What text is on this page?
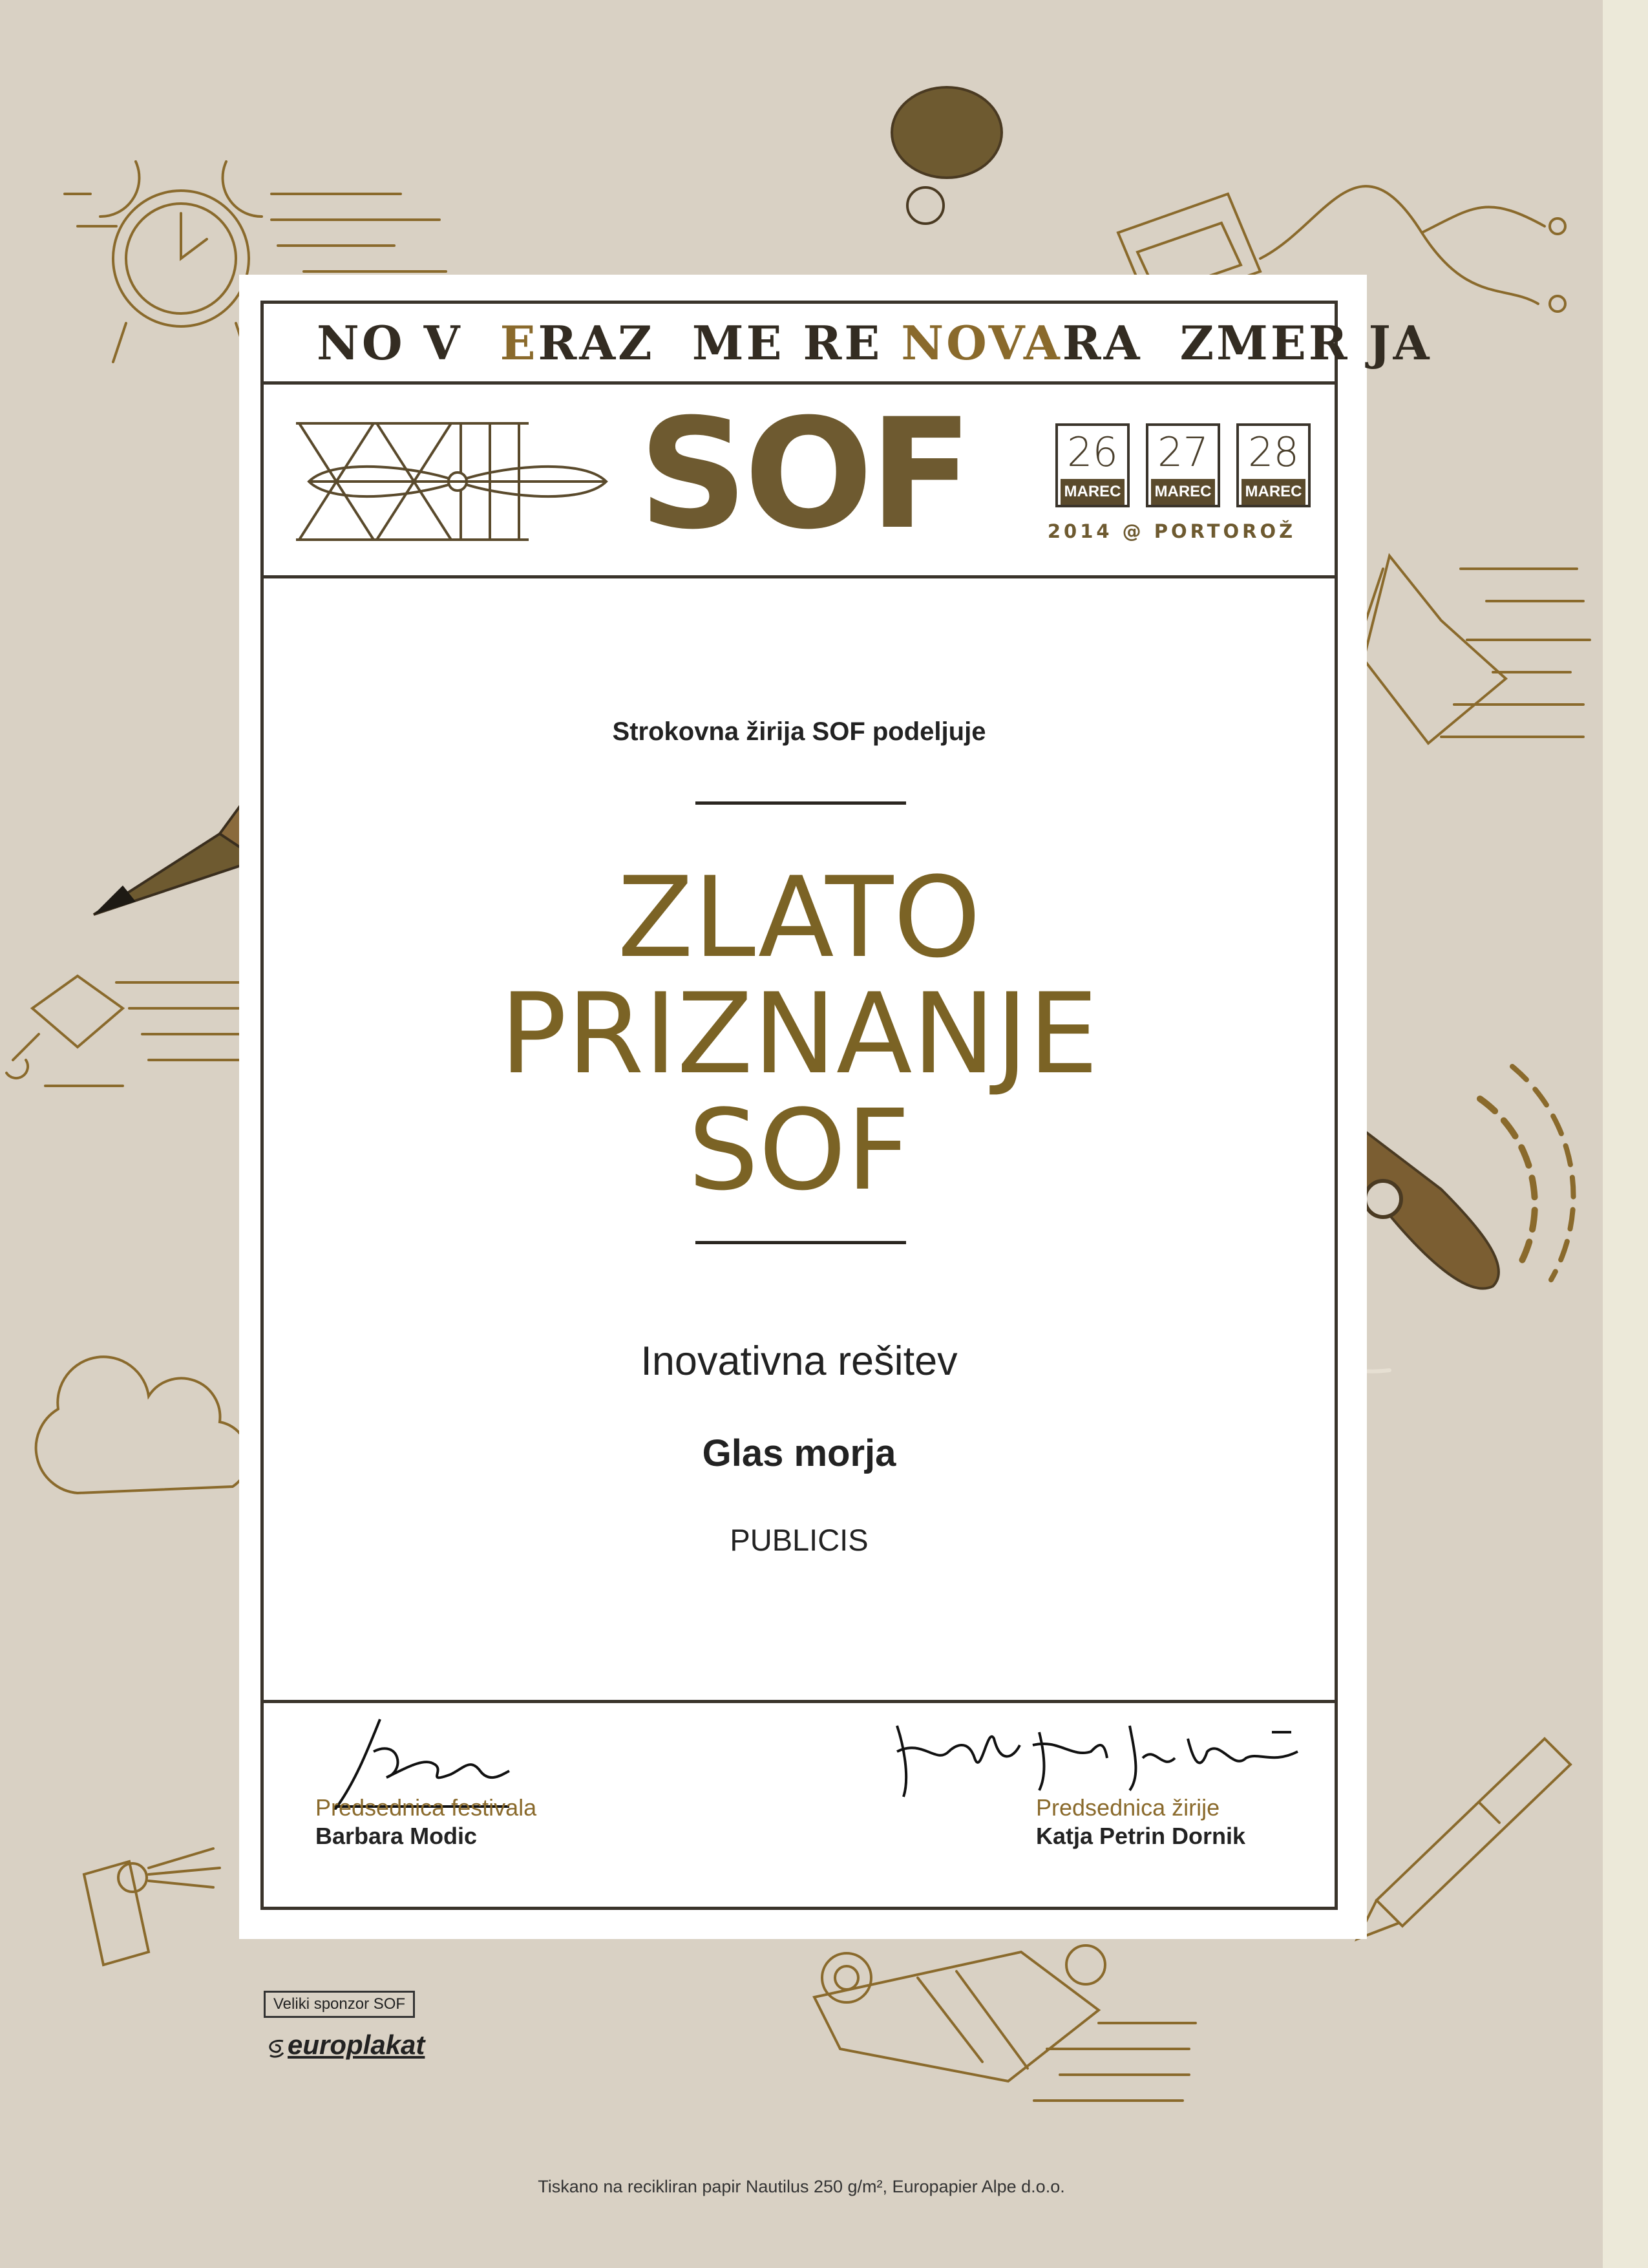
NO V  ERAZ  ME RE NOVARA  ZMER JA

SOF 26
MAREC
27
MAREC
28
MAREC
2014 @ PORTOROŽ
Strokovna žirija SOF podeljuje
ZLATO
PRIZNANJE
SOF
Inovativna rešitev
Glas morja
PUBLICIS
Predsednica festivala
Barbara Modic
Predsednica žirije
Katja Petrin Dornik
Veliki sponzor SOF
europlakat
Tiskano na recikliran papir Nautilus 250 g/m², Europapier Alpe d.o.o.
